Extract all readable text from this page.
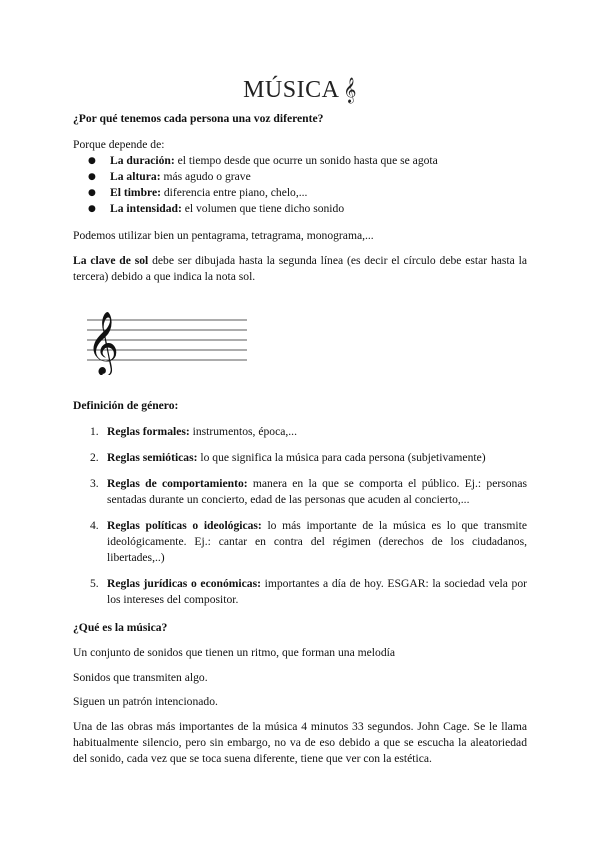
MÚSICA 𝄞
¿Por qué tenemos cada persona una voz diferente?
Porque depende de:
● La duración: el tiempo desde que ocurre un sonido hasta que se agota
● La altura: más agudo o grave
● El timbre: diferencia entre piano, chelo,...
● La intensidad: el volumen que tiene dicho sonido
Podemos utilizar bien un pentagrama, tetragrama, monograma,...
La clave de sol debe ser dibujada hasta la segunda línea (es decir el círculo debe estar hasta la tercera) debido a que indica la nota sol.
𝄞
Definición de género:
1. Reglas formales: instrumentos, época,...
2. Reglas semióticas: lo que significa la música para cada persona (subjetivamente)
3. Reglas de comportamiento: manera en la que se comporta el público. Ej.: personas sentadas durante un concierto, edad de las personas que acuden al concierto,...
4. Reglas políticas o ideológicas: lo más importante de la música es lo que transmite ideológicamente. Ej.: cantar en contra del régimen (derechos de los ciudadanos, libertades,..)
5. Reglas jurídicas o económicas: importantes a día de hoy. ESGAR: la sociedad vela por los intereses del compositor.
¿Qué es la música?
Un conjunto de sonidos que tienen un ritmo, que forman una melodía
Sonidos que transmiten algo.
Siguen un patrón intencionado.
Una de las obras más importantes de la música 4 minutos 33 segundos. John Cage. Se le llama habitualmente silencio, pero sin embargo, no va de eso debido a que se escucha la aleatoriedad del sonido, cada vez que se toca suena diferente, tiene que ver con la estética.
